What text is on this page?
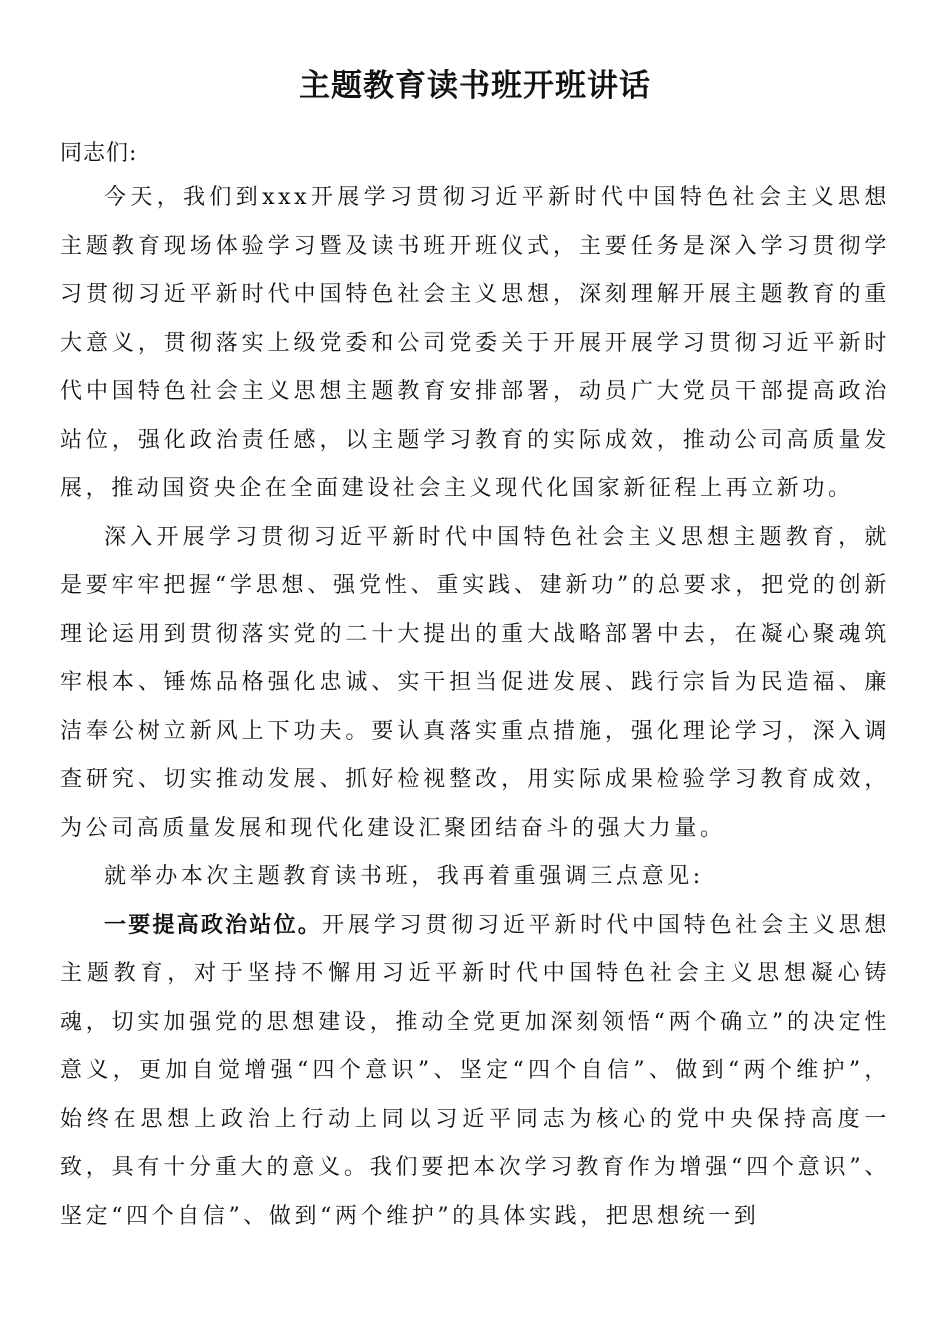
主题教育读书班开班讲话

同志们:

今天，我们到xxx开展学习贯彻习近平新时代中国特色社会主义思想主题教育现场体验学习暨及读书班开班仪式，主要任务是深入学习贯彻学习贯彻习近平新时代中国特色社会主义思想，深刻理解开展主题教育的重大意义，贯彻落实上级党委和公司党委关于开展开展学习贯彻习近平新时代中国特色社会主义思想主题教育安排部署，动员广大党员干部提高政治站位，强化政治责任感，以主题学习教育的实际成效，推动公司高质量发展，推动国资央企在全面建设社会主义现代化国家新征程上再立新功。

深入开展学习贯彻习近平新时代中国特色社会主义思想主题教育，就是要牢牢把握“学思想、强党性、重实践、建新功”的总要求，把党的创新理论运用到贯彻落实党的二十大提出的重大战略部署中去，在凝心聚魂筑牢根本、锤炼品格强化忠诚、实干担当促进发展、践行宗旨为民造福、廉洁奉公树立新风上下功夫。要认真落实重点措施，强化理论学习，深入调查研究、切实推动发展、抓好检视整改，用实际成果检验学习教育成效，为公司高质量发展和现代化建设汇聚团结奋斗的强大力量。

就举办本次主题教育读书班，我再着重强调三点意见:

一要提高政治站位。开展学习贯彻习近平新时代中国特色社会主义思想主题教育，对于坚持不懈用习近平新时代中国特色社会主义思想凝心铸魂，切实加强党的思想建设，推动全党更加深刻领悟“两个确立”的决定性意义，更加自觉增强“四个意识”、坚定“四个自信”、做到“两个维护”，始终在思想上政治上行动上同以习近平同志为核心的党中央保持高度一致，具有十分重大的意义。我们要把本次学习教育作为增强“四个意识”、坚定“四个自信”、做到“两个维护”的具体实践，把思想统一到
